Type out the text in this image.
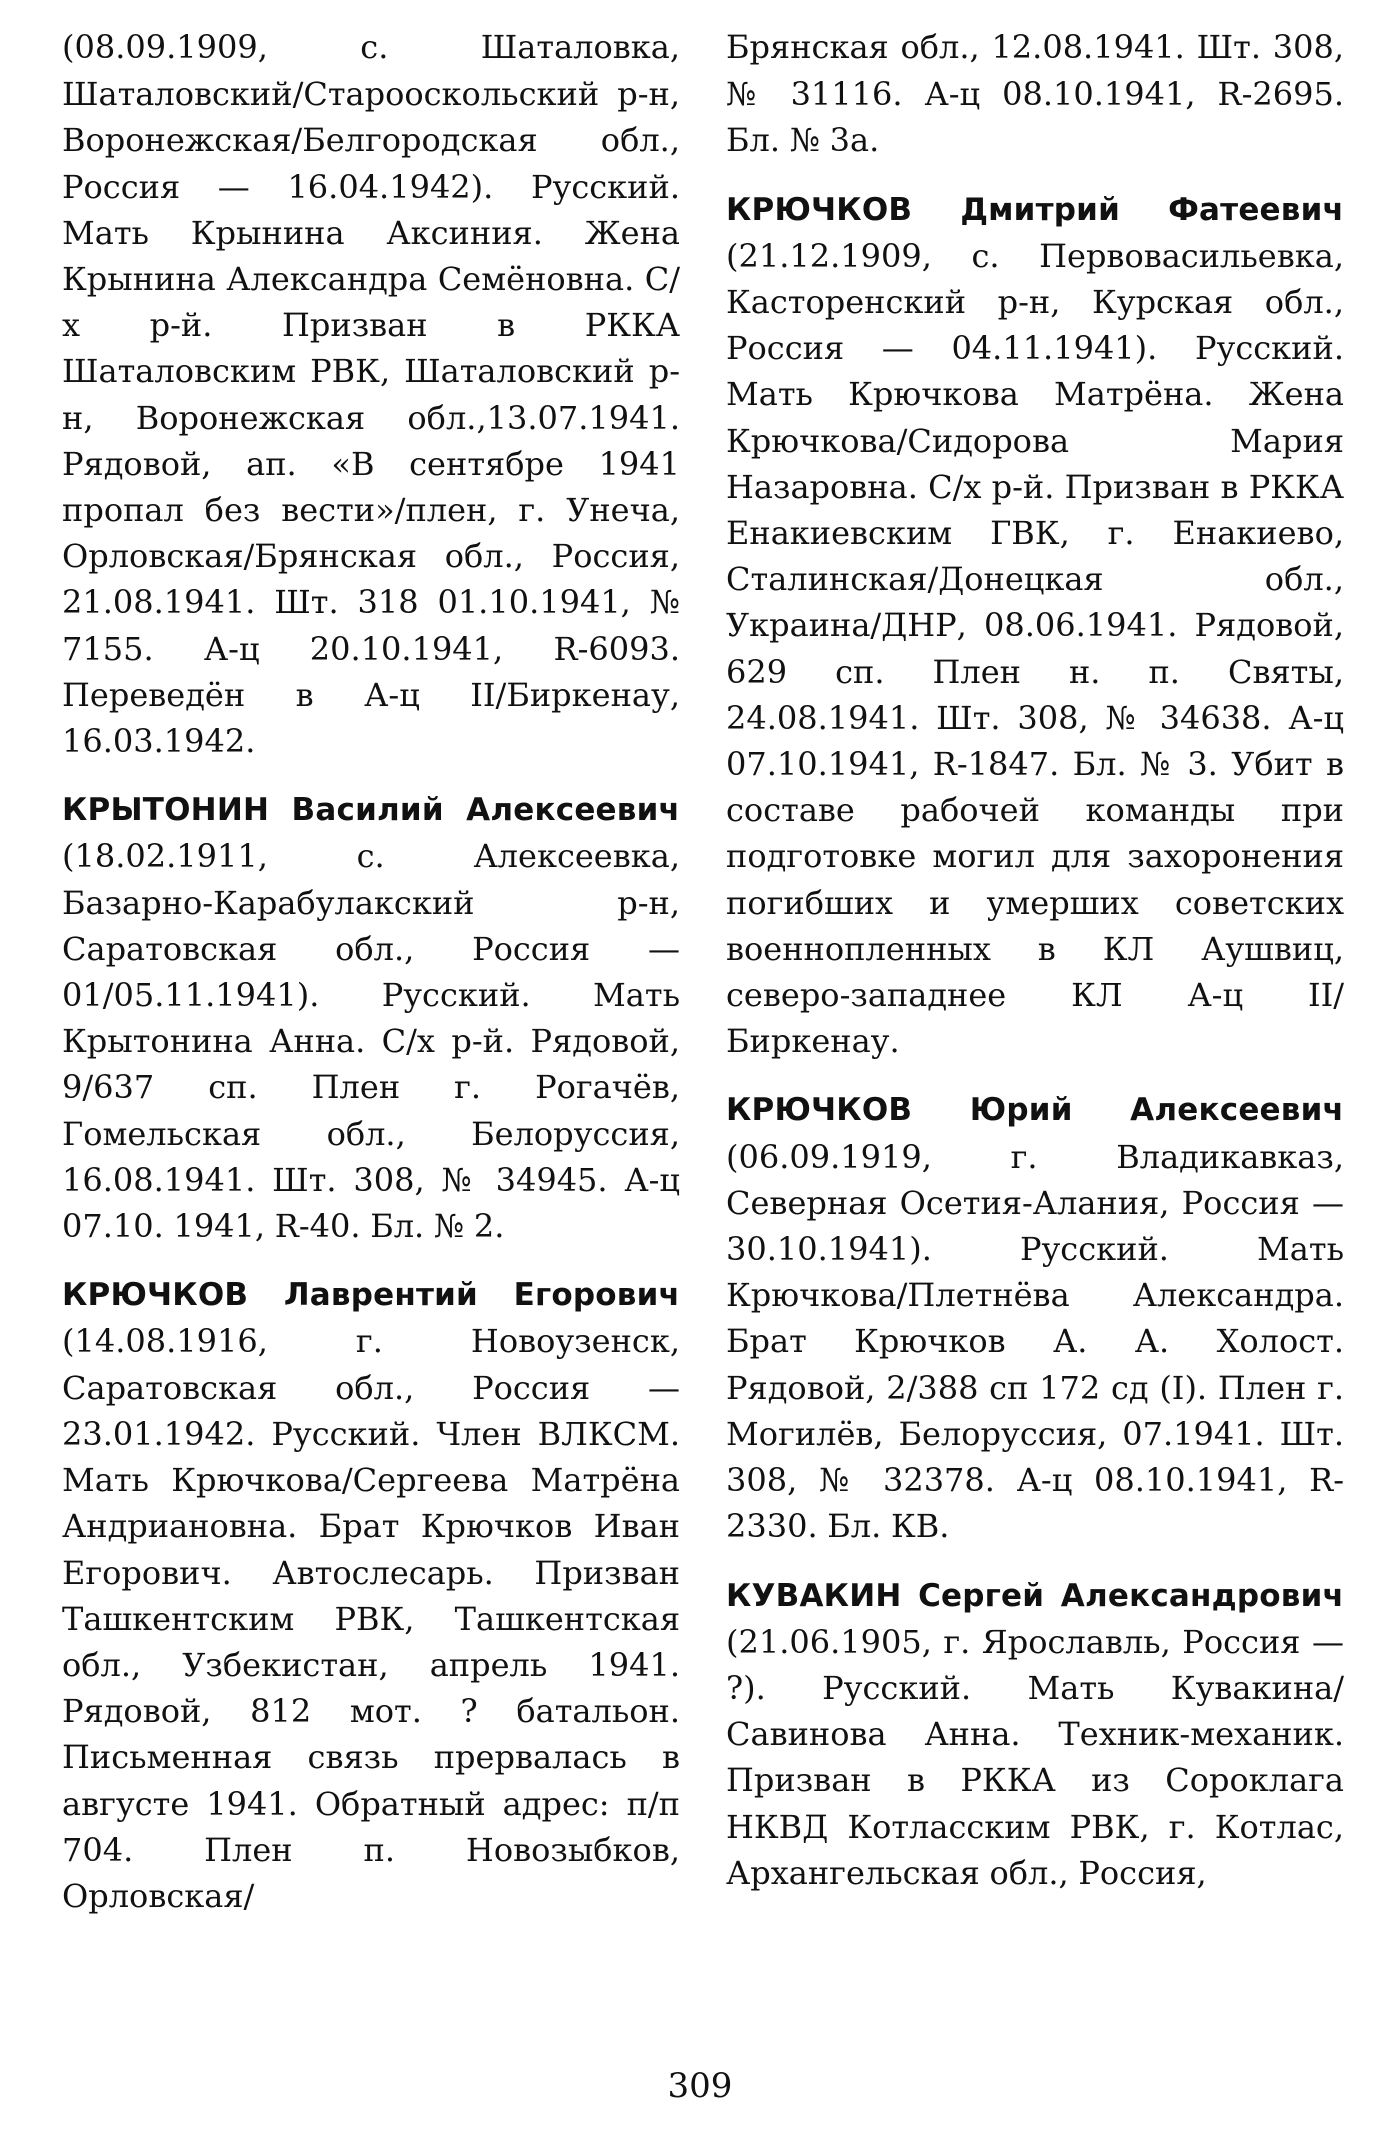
(08.09.1909, с. Шаталовка, Шаталовский/Старооскольский р-н, Воронежская/Белгородская обл., Россия — 16.04.1942). Русский. Мать Крынина Аксиния. Жена Крынина Александра Семёновна. С/х р-й. Призван в РККА Шаталовским РВК, Шаталовский р-н, Воронежская обл.,13.07.1941. Рядовой, ап. «В сентябре 1941 пропал без вести»/плен, г. Унеча, Орловская/Брянская обл., Россия, 21.08.1941. Шт. 318 01.10.1941, № 7155. А-ц 20.10.1941, R-6093. Переведён в А-ц II/Биркенау, 16.03.1942.

КРЫТОНИН Василий Алексеевич (18.02.1911, с. Алексеевка, Базарно-Карабулакский р-н, Саратовская обл., Россия — 01/05.11.1941). Русский. Мать Крытонина Анна. С/х р-й. Рядовой, 9/637 сп. Плен г. Рогачёв, Гомельская обл., Белоруссия, 16.08.1941. Шт. 308, № 34945. А-ц 07.10. 1941, R-40. Бл. № 2.

КРЮЧКОВ Лаврентий Егорович (14.08.1916, г. Новоузенск, Саратовская обл., Россия — 23.01.1942. Русский. Член ВЛКСМ. Мать Крючкова/Сергеева Матрёна Андриановна. Брат Крючков Иван Егорович. Автослесарь. Призван Ташкентским РВК, Ташкентская обл., Узбекистан, апрель 1941. Рядовой, 812 мот. ? батальон. Письменная связь прервалась в августе 1941. Обратный адрес: п/п 704. Плен п. Новозыбков, Орловская/

Брянская обл., 12.08.1941. Шт. 308, № 31116. А-ц 08.10.1941, R-2695. Бл. № 3а.

КРЮЧКОВ Дмитрий Фатеевич (21.12.1909, с. Первовасильевка, Касторенский р-н, Курская обл., Россия — 04.11.1941). Русский. Мать Крючкова Матрёна. Жена Крючкова/Сидорова Мария Назаровна. С/х р-й. Призван в РККА Енакиевским ГВК, г. Енакиево, Сталинская/Донецкая обл., Украина/ДНР, 08.06.1941. Рядовой, 629 сп. Плен н. п. Святы, 24.08.1941. Шт. 308, № 34638. А-ц 07.10.1941, R-1847. Бл. № 3. Убит в составе рабочей команды при подготовке могил для захоронения погибших и умерших советских военнопленных в КЛ Аушвиц, северо-западнее КЛ А-ц II/Биркенау.

КРЮЧКОВ Юрий Алексеевич (06.09.1919, г. Владикавказ, Северная Осетия-Алания, Россия — 30.10.1941). Русский. Мать Крючкова/Плетнёва Александра. Брат Крючков А. А. Холост. Рядовой, 2/388 сп 172 сд (I). Плен г. Могилёв, Белоруссия, 07.1941. Шт. 308, № 32378. А-ц 08.10.1941, R-2330. Бл. КВ.

КУВАКИН Сергей Александрович (21.06.1905, г. Ярославль, Россия — ?). Русский. Мать Кувакина/Савинова Анна. Техник-механик. Призван в РККА из Сороклага НКВД Котласским РВК, г. Котлас, Архангельская обл., Россия,

309
